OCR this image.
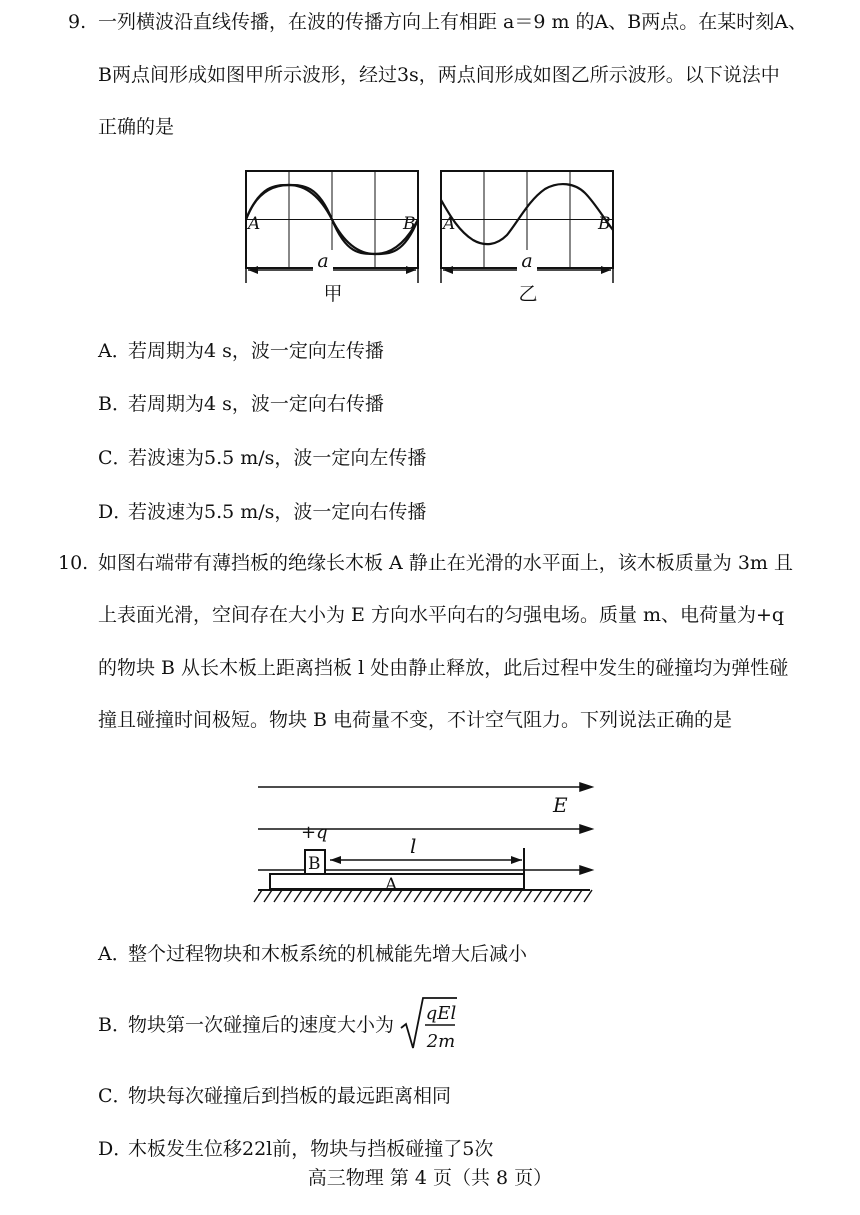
9. 一列横波沿直线传播，在波的传播方向上有相距 a＝9 m 的A、B两点。在某时刻A、
B两点间形成如图甲所示波形，经过3s，两点间形成如图乙所示波形。以下说法中
正确的是
A	B
a
甲
A	B
a
乙
A．若周期为4 s，波一定向左传播
B．若周期为4 s，波一定向右传播
C．若波速为5.5 m/s，波一定向左传播
D．若波速为5.5 m/s，波一定向右传播
10. 如图右端带有薄挡板的绝缘长木板 A 静止在光滑的水平面上，该木板质量为 3m 且
上表面光滑，空间存在大小为 E 方向水平向右的匀强电场。质量 m、电荷量为+q
的物块 B 从长木板上距离挡板 l 处由静止释放，此后过程中发生的碰撞均为弹性碰
撞且碰撞时间极短。物块 B 电荷量不变，不计空气阻力。下列说法正确的是
E
+q
B
A
l
A．整个过程物块和木板系统的机械能先增大后减小
B．物块第一次碰撞后的速度大小为
qEl
2m
C．物块每次碰撞后到挡板的最远距离相同
D．木板发生位移22l前，物块与挡板碰撞了5次
高三物理 第 4 页（共 8 页）
